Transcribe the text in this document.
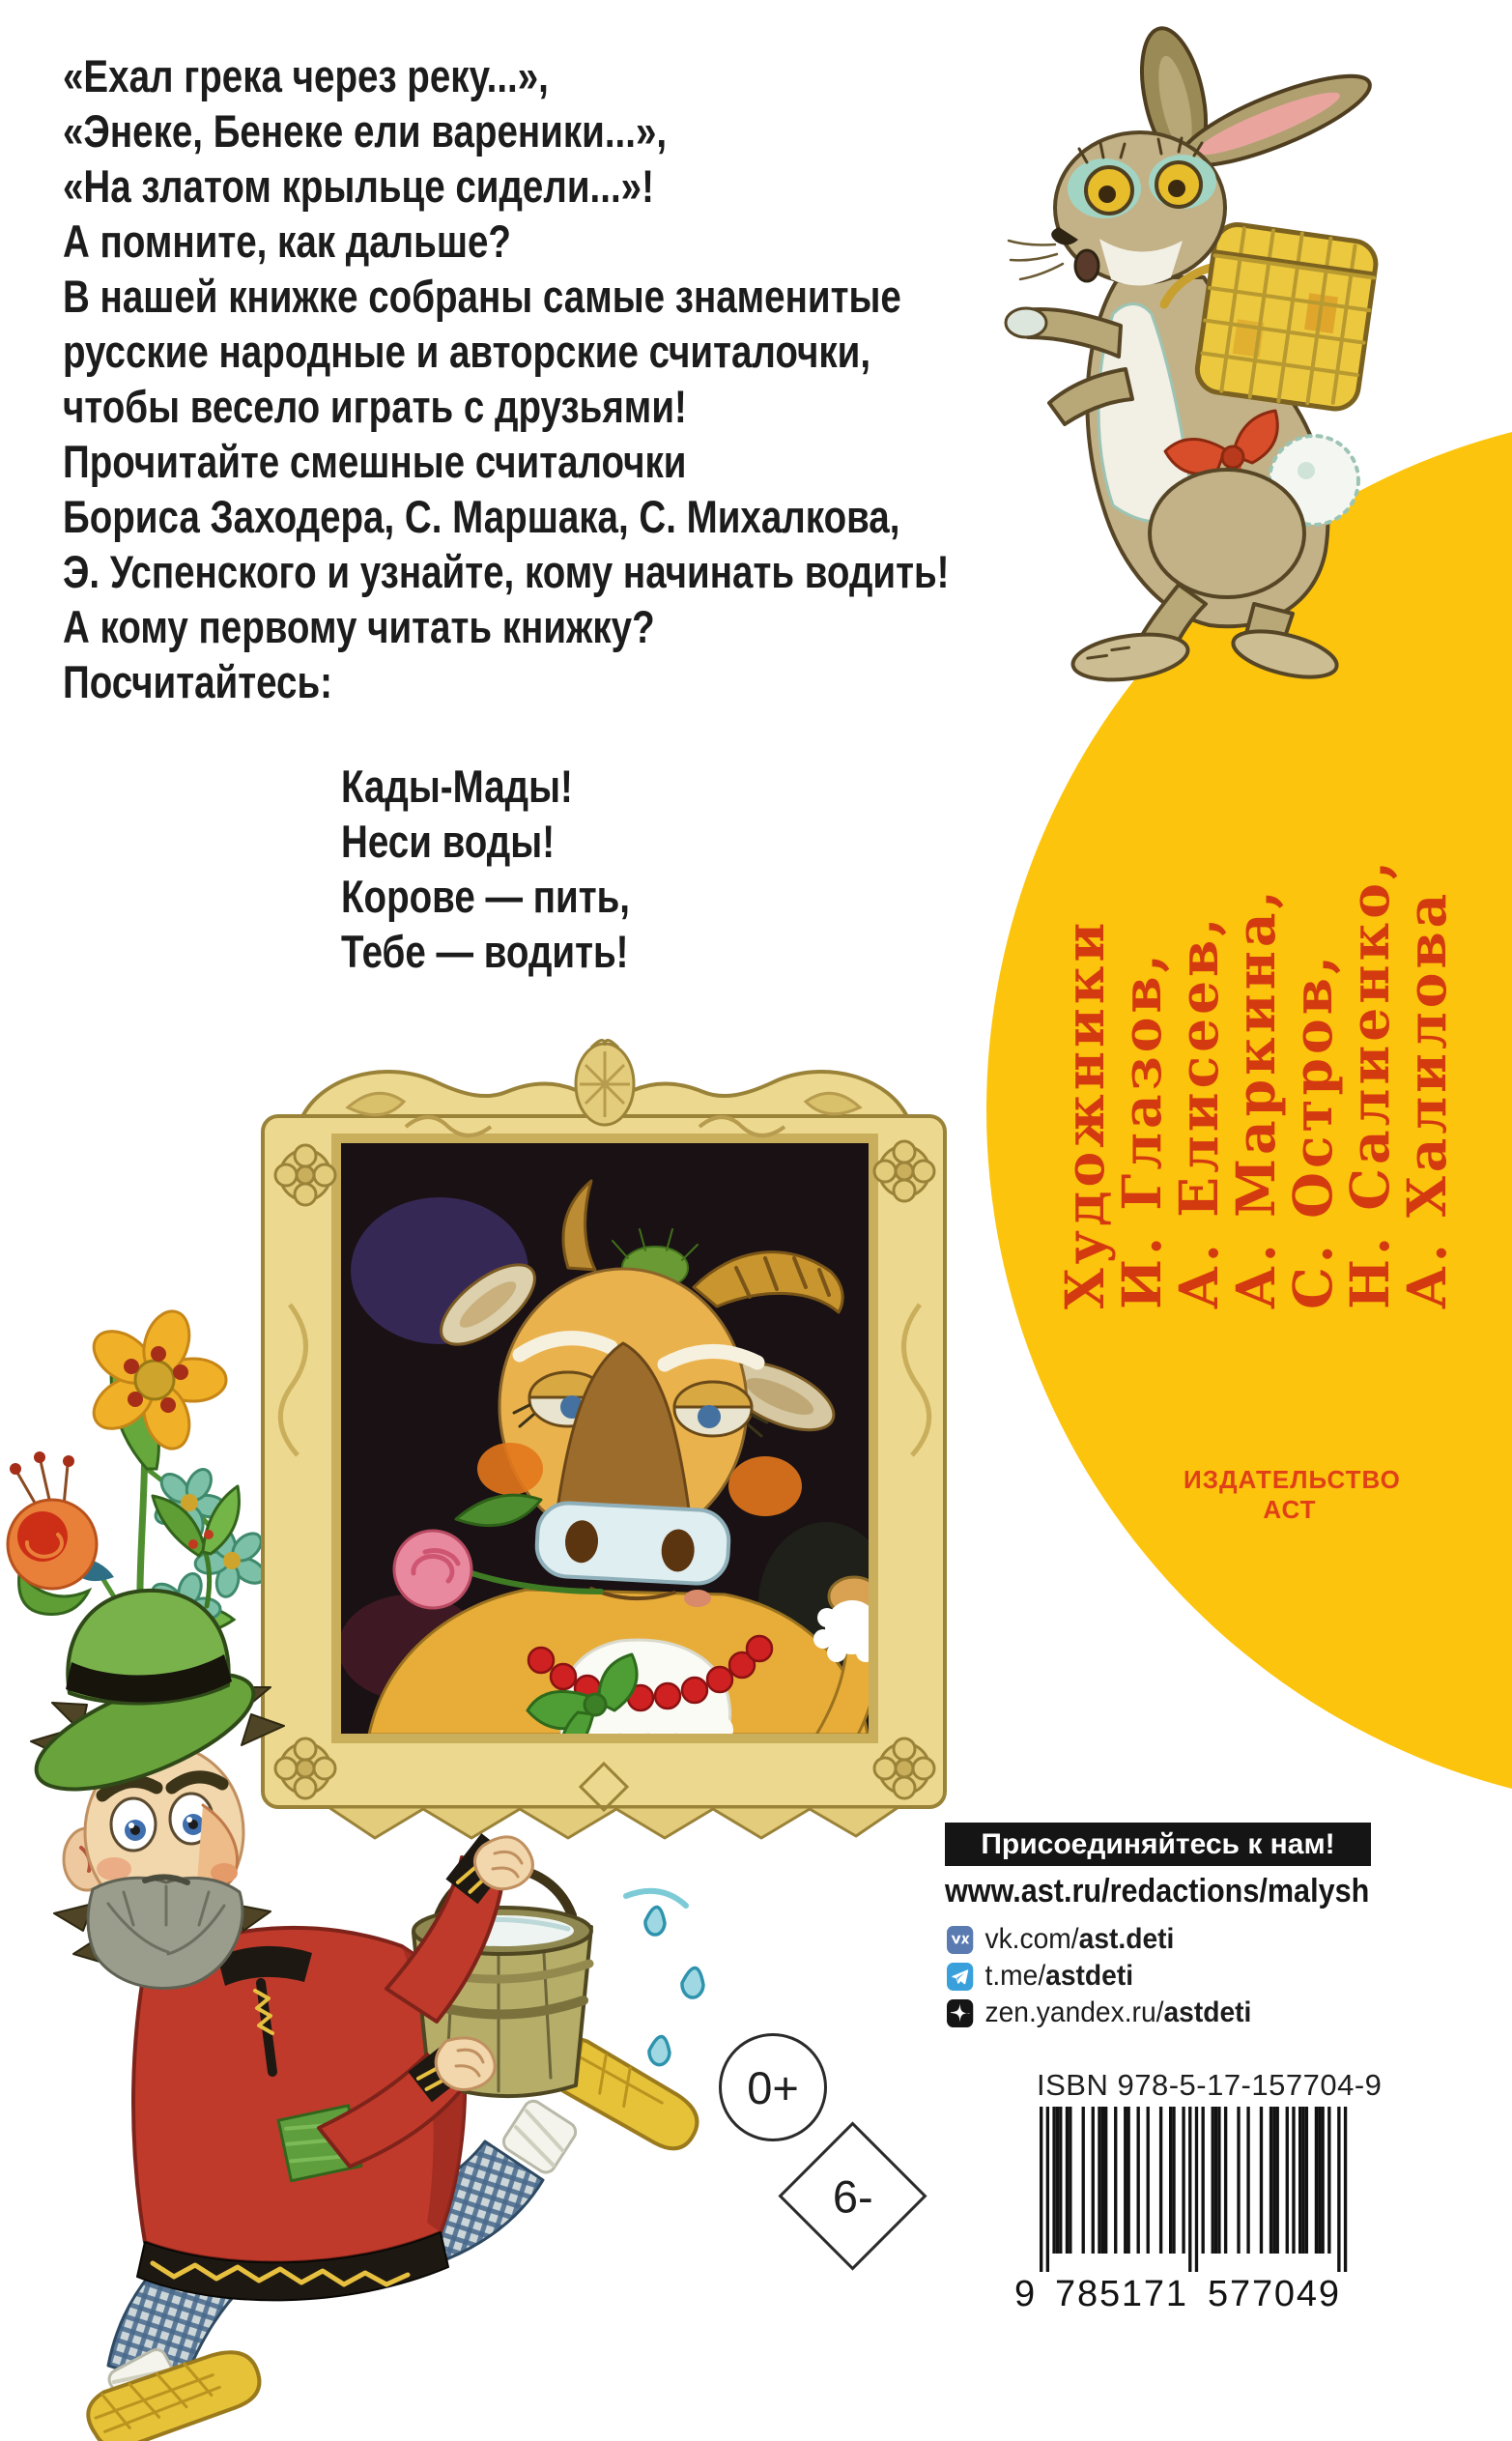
«Ехал грека через реку...»,
«Энеке, Бенеке ели вареники...»,
«На златом крыльце сидели...»!
А помните, как дальше?
В нашей книжке собраны самые знаменитые
русские народные и авторские считалочки,
чтобы весело играть с друзьями!
Прочитайте смешные считалочки
Бориса Заходера, С. Маршака, С. Михалкова,
Э. Успенского и узнайте, кому начинать водить!
А кому первому читать книжку?
Посчитайтесь:
Кады-Мады!
Неси воды!
Корове — пить,
Тебе — водить!	Художники
И. Глазов,
А. Елисеев,
А. Маркина,
С. Остров,
Н. Салиенко,
А. Халилова
ИЗДАТЕЛЬСТВО
АСТ
Присоединяйтесь к нам!
www.ast.ru/redactions/malysh
vk.com/ ast.deti
t.me/ astdeti
zen.yandex.ru/ astdeti
ISBN 978-5-17-157704-9
9 785171 577049
0+
6-
